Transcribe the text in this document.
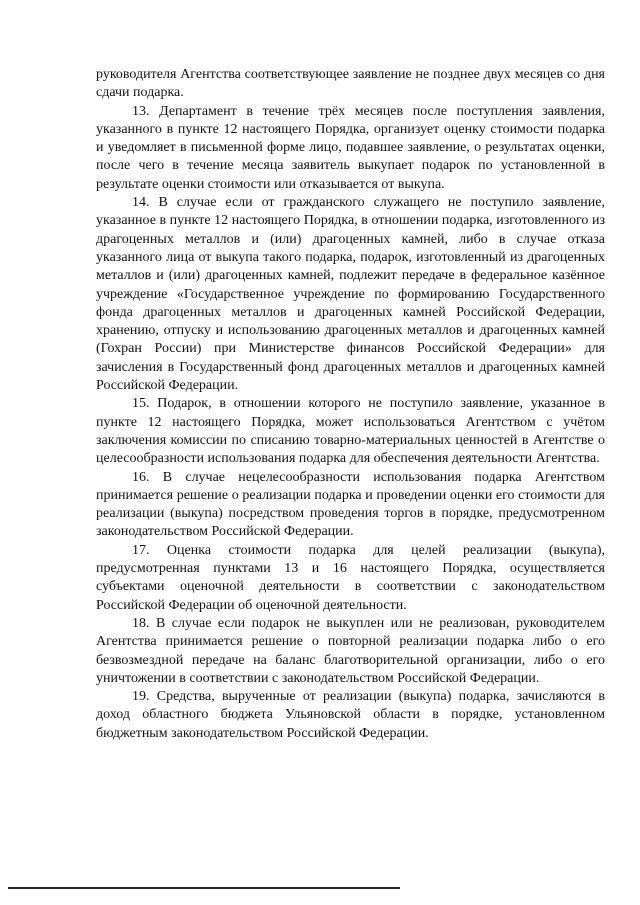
руководителя Агентства соответствующее заявление не позднее двух месяцев со дня сдачи подарка.

13. Департамент в течение трёх месяцев после поступления заявления, указанного в пункте 12 настоящего Порядка, организует оценку стоимости подарка и уведомляет в письменной форме лицо, подавшее заявление, о результатах оценки, после чего в течение месяца заявитель выкупает подарок по установленной в результате оценки стоимости или отказывается от выкупа.

14. В случае если от гражданского служащего не поступило заявление, указанное в пункте 12 настоящего Порядка, в отношении подарка, изготовленного из драгоценных металлов и (или) драгоценных камней, либо в случае отказа указанного лица от выкупа такого подарка, подарок, изготовленный из драгоценных металлов и (или) драгоценных камней, подлежит передаче в федеральное казённое учреждение «Государственное учреждение по формированию Государственного фонда драгоценных металлов и драгоценных камней Российской Федерации, хранению, отпуску и использованию драгоценных металлов и драгоценных камней (Гохран России) при Министерстве финансов Российской Федерации» для зачисления в Государственный фонд драгоценных металлов и драгоценных камней Российской Федерации.

15. Подарок, в отношении которого не поступило заявление, указанное в пункте 12 настоящего Порядка, может использоваться Агентством с учётом заключения комиссии по списанию товарно-материальных ценностей в Агентстве о целесообразности использования подарка для обеспечения деятельности Агентства.

16. В случае нецелесообразности использования подарка Агентством принимается решение о реализации подарка и проведении оценки его стоимости для реализации (выкупа) посредством проведения торгов в порядке, предусмотренном законодательством Российской Федерации.

17. Оценка стоимости подарка для целей реализации (выкупа), предусмотренная пунктами 13 и 16 настоящего Порядка, осуществляется субъектами оценочной деятельности в соответствии с законодательством Российской Федерации об оценочной деятельности.

18. В случае если подарок не выкуплен или не реализован, руководителем Агентства принимается решение о повторной реализации подарка либо о его безвозмездной передаче на баланс благотворительной организации, либо о его уничтожении в соответствии с законодательством Российской Федерации.

19. Средства, вырученные от реализации (выкупа) подарка, зачисляются в доход областного бюджета Ульяновской области в порядке, установленном бюджетным законодательством Российской Федерации.
